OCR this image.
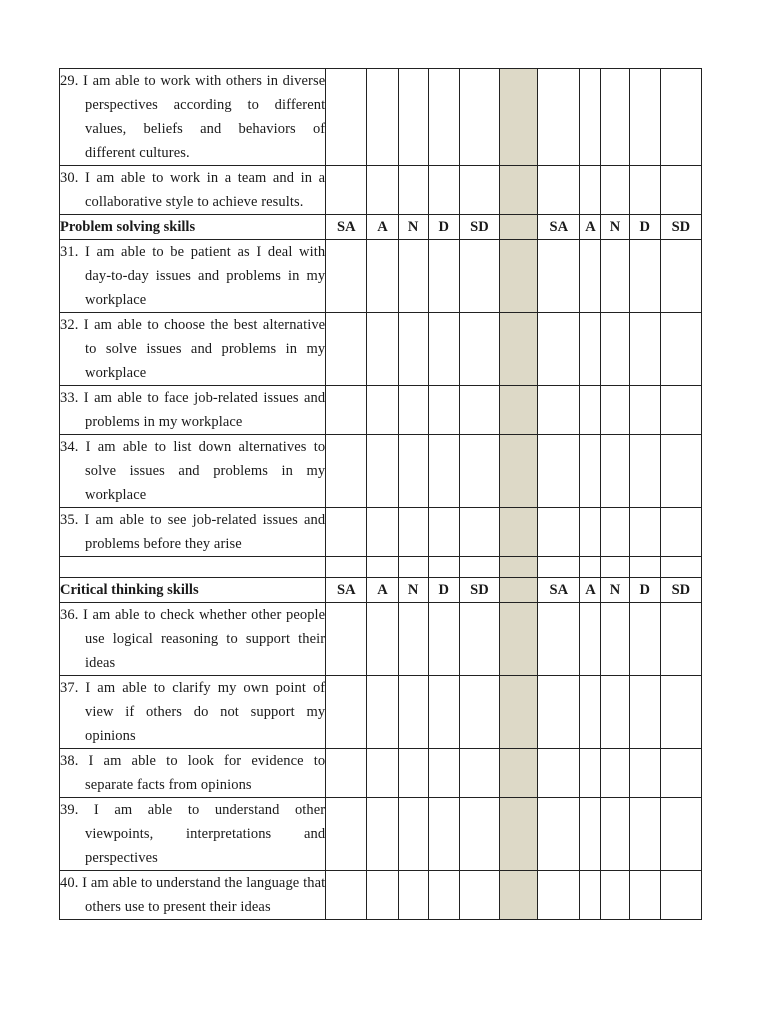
29. I am able to work with others in diverse perspectives according to different values, beliefs and behaviors of different cultures.											

30. I am able to work in a team and in a collaborative style to achieve results.											

Problem solving skills	SA	A	N	D	SD		SA	A	N	D	SD

31. I am able to be patient as I deal with day-to-day issues and problems in my workplace											

32. I am able to choose the best alternative to solve issues and problems in my workplace											

33. I am able to face job-related issues and problems in my workplace											

34. I am able to list down alternatives to solve issues and problems in my workplace											

35. I am able to see job-related issues and problems before they arise											

Critical thinking skills	SA	A	N	D	SD		SA	A	N	D	SD

36. I am able to check whether other people use logical reasoning to support their ideas											

37. I am able to clarify my own point of view if others do not support my opinions											

38. I am able to look for evidence to separate facts from opinions											

39. I am able to understand other viewpoints, interpretations and perspectives											

40. I am able to understand the language that others use to present their ideas											
